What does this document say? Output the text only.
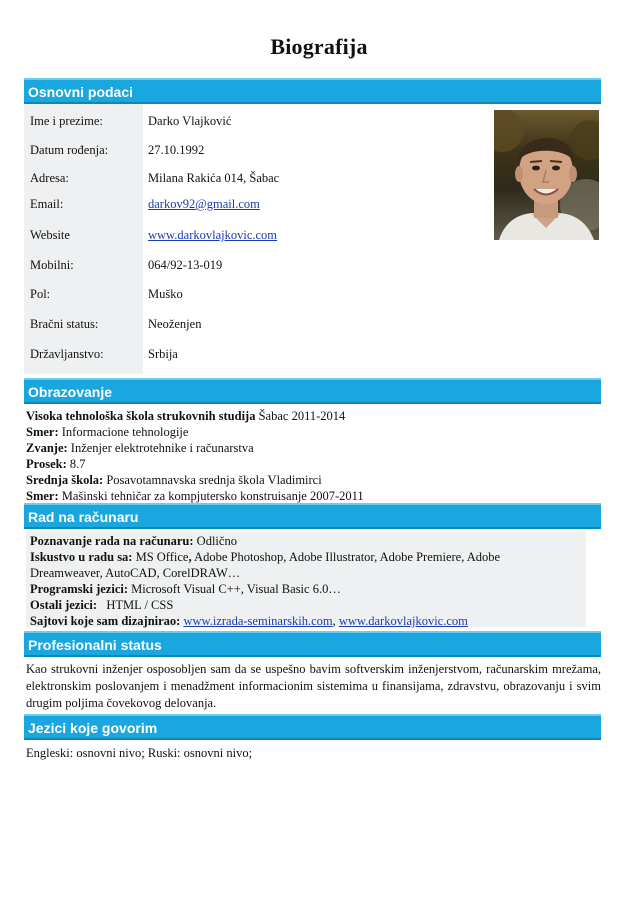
Biografija
Osnovni podaci
Ime i prezime:	Darko Vlajković
Datum rođenja:	27.10.1992
Adresa:	Milana Rakića 014, Šabac
Email:	darkov92@gmail.com
Website	www.darkovlajkovic.com
Mobilni:	064/92-13-019
Pol:	Muško
Bračni status:	Neoženjen
Državljanstvo:	Srbija
Obrazovanje
Visoka tehnološka škola strukovnih studija Šabac 2011-2014
Smer: Informacione tehnologije
Zvanje: Inženjer elektrotehnike i računarstva
Prosek: 8.7
Srednja škola: Posavotamnavska srednja škola Vladimirci
Smer: Mašinski tehničar za kompjutersko konstruisanje 2007-2011
Rad na računaru
Poznavanje rada na računaru: Odlično
Iskustvo u radu sa: MS Office, Adobe Photoshop, Adobe Illustrator, Adobe Premiere, Adobe
Dreamweaver, AutoCAD, CorelDRAW…
Programski jezici: Microsoft Visual C++, Visual Basic 6.0…
Ostali jezici:   HTML / CSS
Sajtovi koje sam dizajnirao: www.izrada-seminarskih.com, www.darkovlajkovic.com
Profesionalni status
Kao strukovni inženjer osposobljen sam da se uspešno bavim softverskim inženjerstvom, računarskim mrežama, elektronskim poslovanjem i menadžment informacionim sistemima u finansijama, zdravstvu, obrazovanju i svim drugim poljima čovekovog delovanja.
Jezici koje govorim
Engleski: osnovni nivo; Ruski: osnovni nivo;
